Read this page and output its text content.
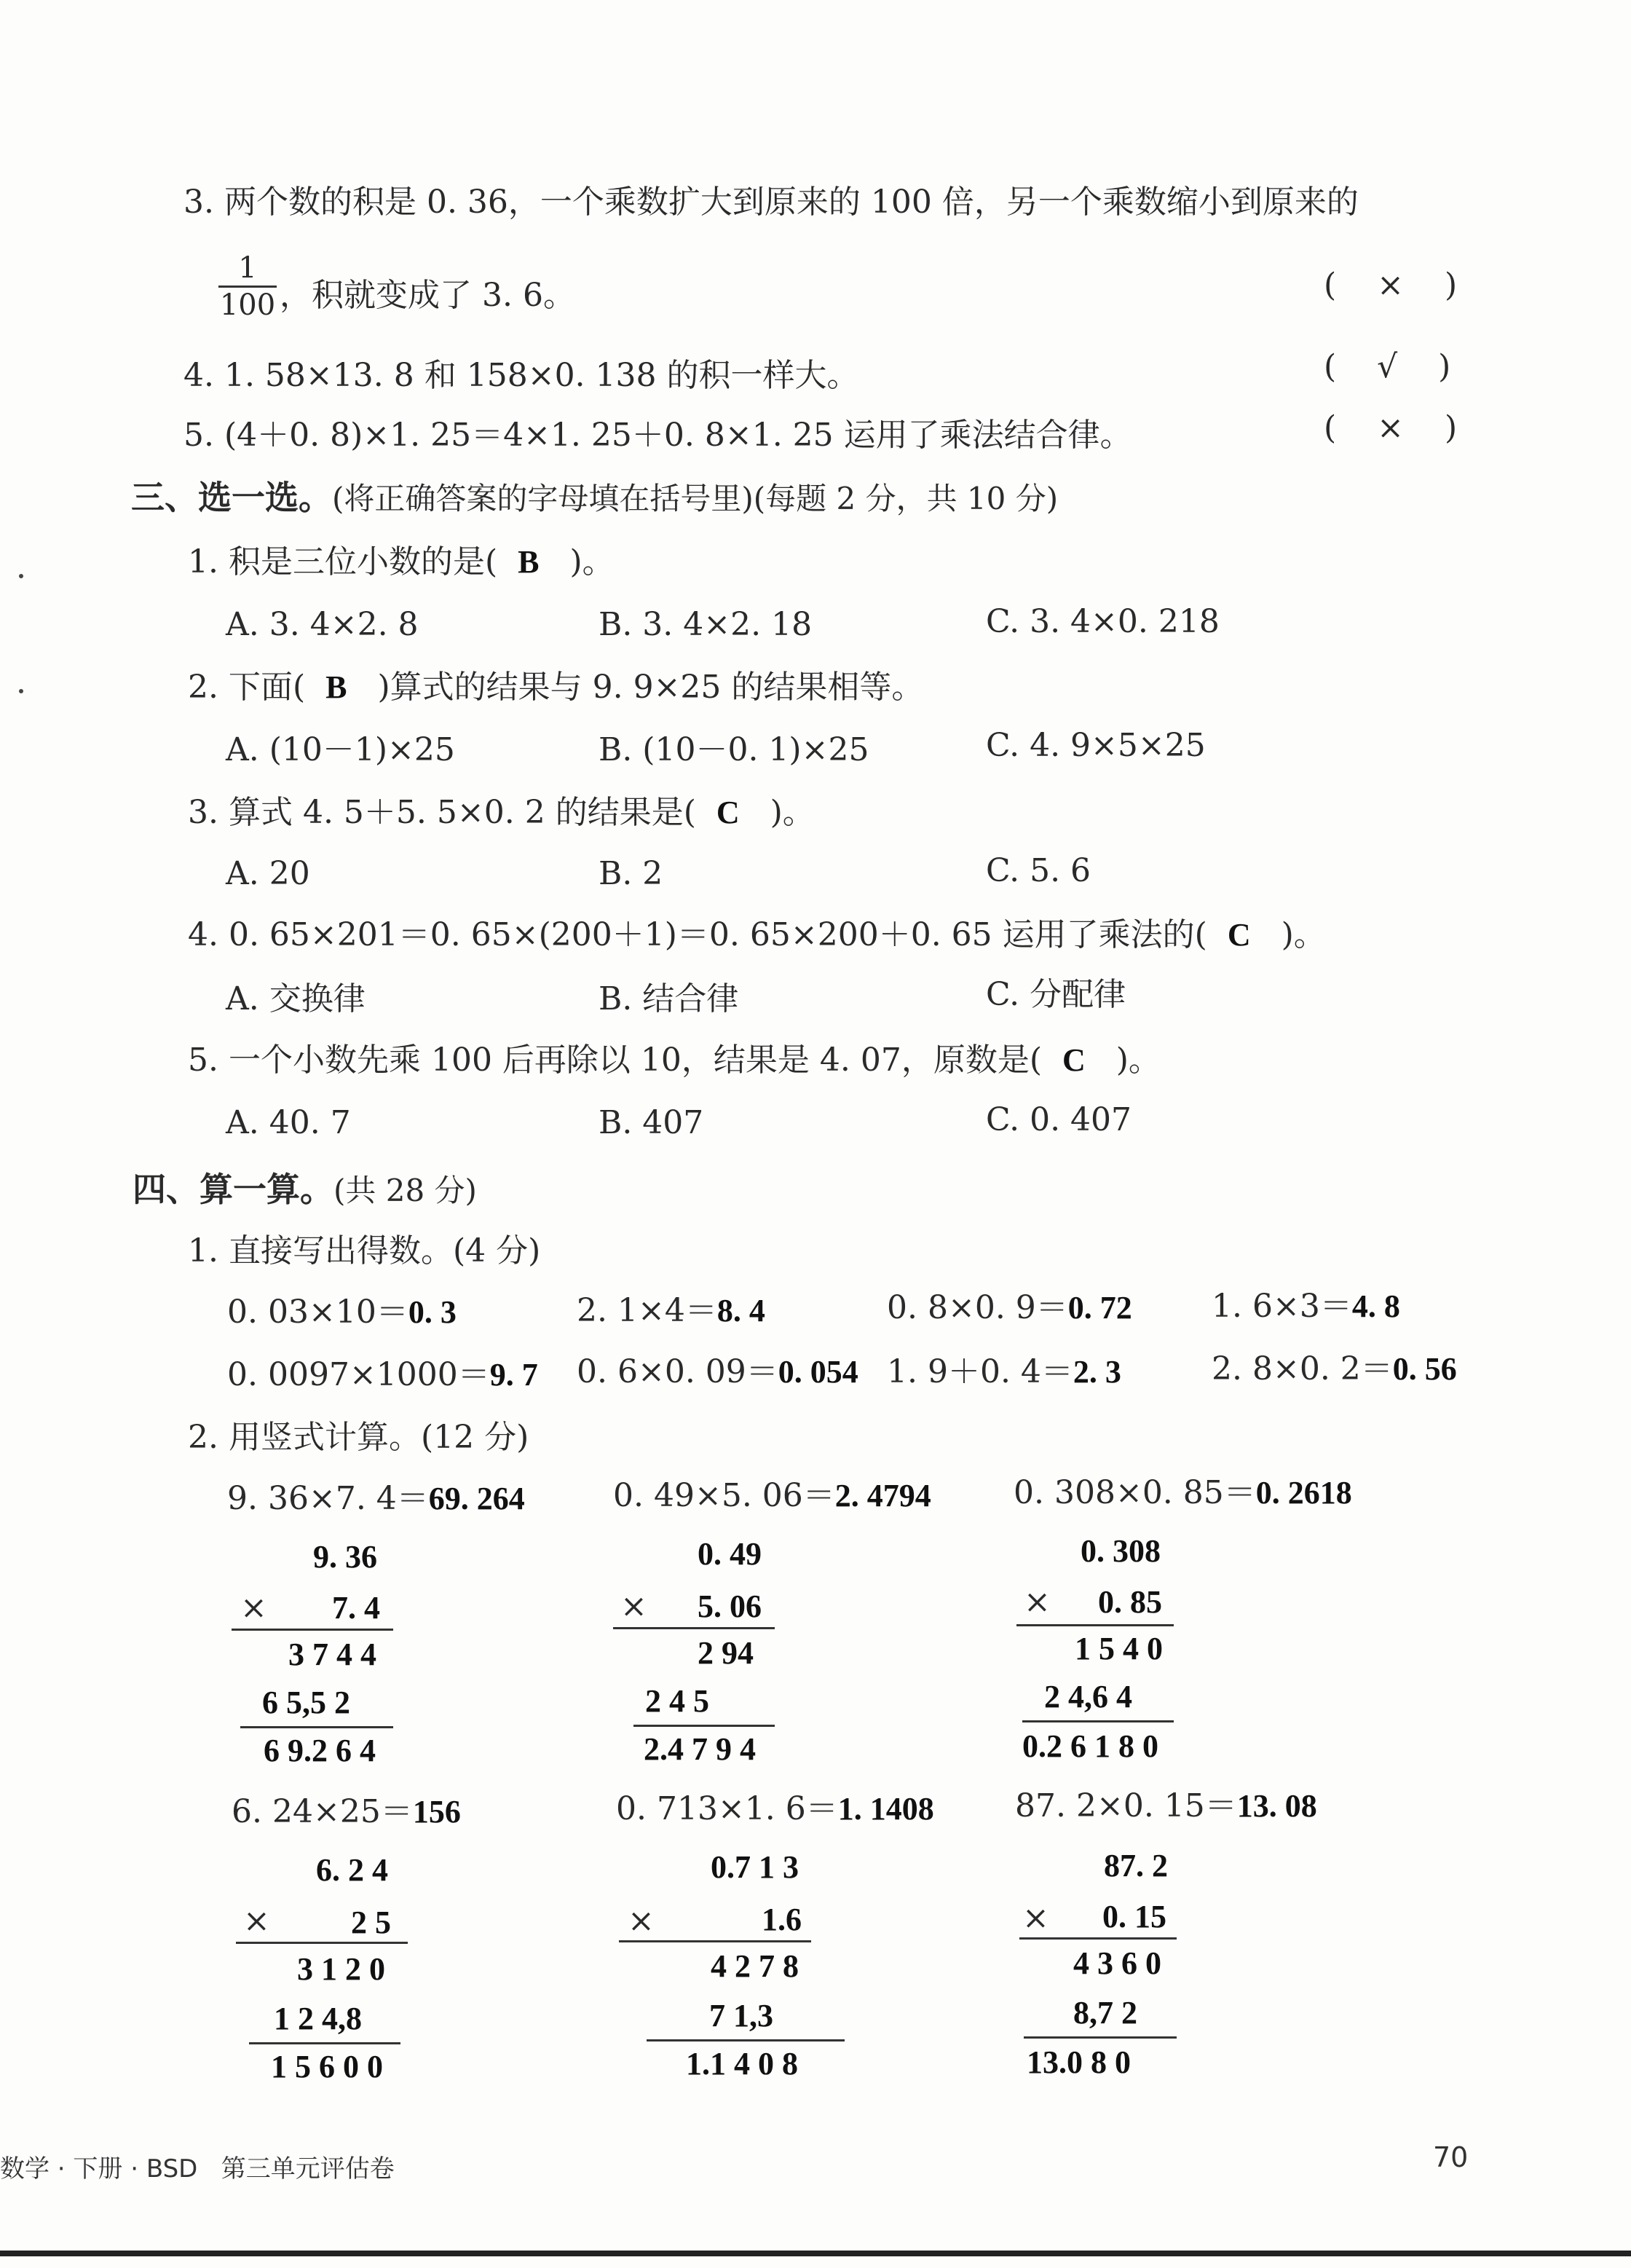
3. 两个数的积是 0. 36，一个乘数扩大到原来的 100 倍，另一个乘数缩小到原来的
$\frac{1}{100}$ ，积就变成了 3. 6。	(    ×    )
4. 1. 58×13. 8 和 158×0. 138 的积一样大。	(    √    )
5. (4＋0. 8)×1. 25＝4×1. 25＋0. 8×1. 25 运用了乘法结合律。	(    ×    )
三、选一选。(将正确答案的字母填在括号里)(每题 2 分，共 10 分)
1. 积是三位小数的是( B )。
A. 3. 4×2. 8	B. 3. 4×2. 18	C. 3. 4×0. 218
2. 下面( B )算式的结果与 9. 9×25 的结果相等。
A. (10－1)×25	B. (10－0. 1)×25	C. 4. 9×5×25
3. 算式 4. 5＋5. 5×0. 2 的结果是( C )。
A. 20	B. 2	C. 5. 6
4. 0. 65×201＝0. 65×(200＋1)＝0. 65×200＋0. 65 运用了乘法的( C )。
A. 交换律	B. 结合律	C. 分配律
5. 一个小数先乘 100 后再除以 10，结果是 4. 07，原数是( C )。
A. 40. 7	B. 407	C. 0. 407
四、算一算。(共 28 分)
1. 直接写出得数。(4 分)
0. 03×10＝0. 3	2. 1×4＝8. 4	0. 8×0. 9＝0. 72 1. 6×3＝4. 8
0. 0097×1000＝9. 7 0. 6×0. 09＝0. 054 1. 9＋0. 4＝2. 3	2. 8×0. 2＝0. 56
2. 用竖式计算。(12 分)
9. 36×7. 4＝69. 264
9. 36
× 7. 4
3 7 4 4
6 5,5 2
6 9.2 6 4
0. 49×5. 06＝2. 4794
0. 49
× 5. 06
2 94
2 4 5
2.4 7 9 4
0. 308×0. 85＝0. 2618
0. 308
× 0. 85
1 5 4 0
2 4,6 4
0.2 6 1 8 0
6. 24×25＝156
6. 2 4
×	2 5
3 1 2 0
1 2 4,8
1 5 6 0 0
0. 713×1. 6＝1. 1408
0.7 1 3
×	1.6
4 2 7 8
7 1,3
1.1 4 0 8
87. 2×0. 15＝13. 08
87. 2
× 0. 15
4 3 6 0
8,7 2
13.0 8 0
数学 · 下册 · BSD 第三单元评估卷	70
